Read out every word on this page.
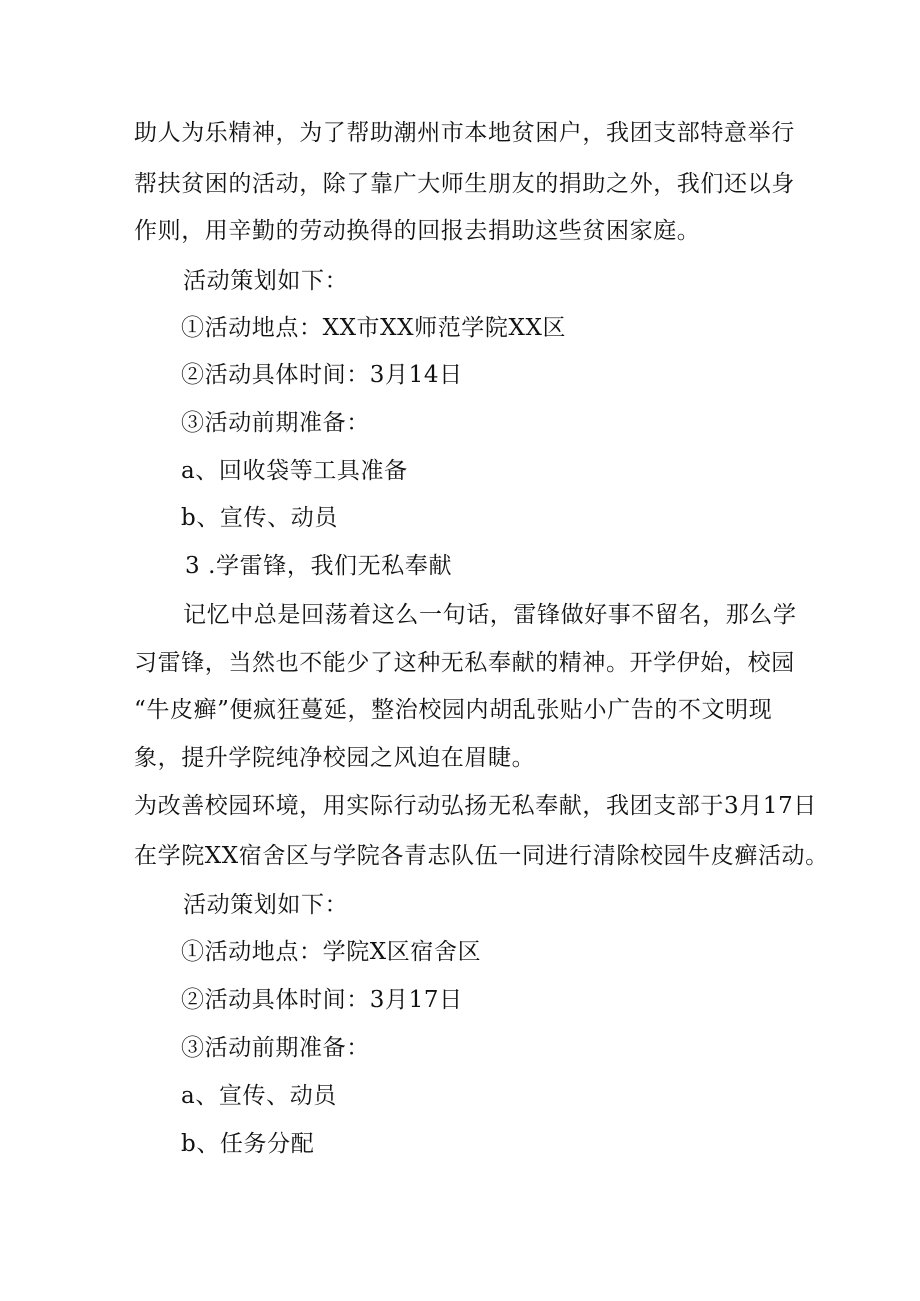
助人为乐精神，为了帮助潮州市本地贫困户，我团支部特意举行
帮扶贫困的活动，除了靠广大师生朋友的捐助之外，我们还以身
作则，用辛勤的劳动换得的回报去捐助这些贫困家庭。
活动策划如下：
①活动地点：XX市XX师范学院XX区
②活动具体时间：3月14日
③活动前期准备：
a、回收袋等工具准备
b、宣传、动员
3 .学雷锋，我们无私奉献
记忆中总是回荡着这么一句话，雷锋做好事不留名，那么学
习雷锋，当然也不能少了这种无私奉献的精神。开学伊始，校园
“牛皮癣”便疯狂蔓延，整治校园内胡乱张贴小广告的不文明现
象，提升学院纯净校园之风迫在眉睫。
为改善校园环境，用实际行动弘扬无私奉献，我团支部于3月17日
在学院XX宿舍区与学院各青志队伍一同进行清除校园牛皮癣活动。
活动策划如下：
①活动地点：学院X区宿舍区
②活动具体时间：3月17日
③活动前期准备：
a、宣传、动员
b、任务分配
